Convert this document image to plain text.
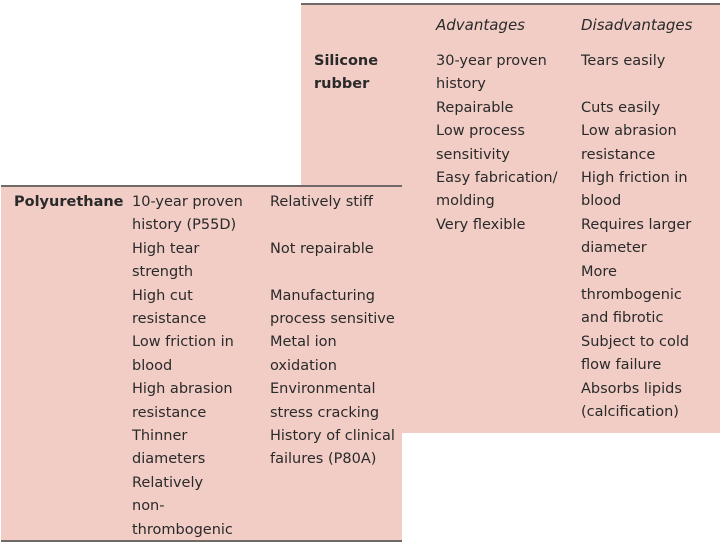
Advantages	Disadvantages
Silicone
rubber
30-year proven
history
Repairable
Low process
sensitivity
Easy fabrication/
molding
Very flexible
Tears easily

Cuts easily
Low abrasion
resistance
High friction in
blood
Requires larger
diameter
More
thrombogenic
and fibrotic
Subject to cold
flow failure
Absorbs lipids
(calcification)
Polyurethane 10-year proven
history (P55D)
High tear
strength
High cut
resistance
Low friction in
blood
High abrasion
resistance
Thinner
diameters
Relatively
non-
thrombogenic
Relatively stiff

Not repairable

Manufacturing
process sensitive
Metal ion
oxidation
Environmental
stress cracking
History of clinical
failures (P80A)
